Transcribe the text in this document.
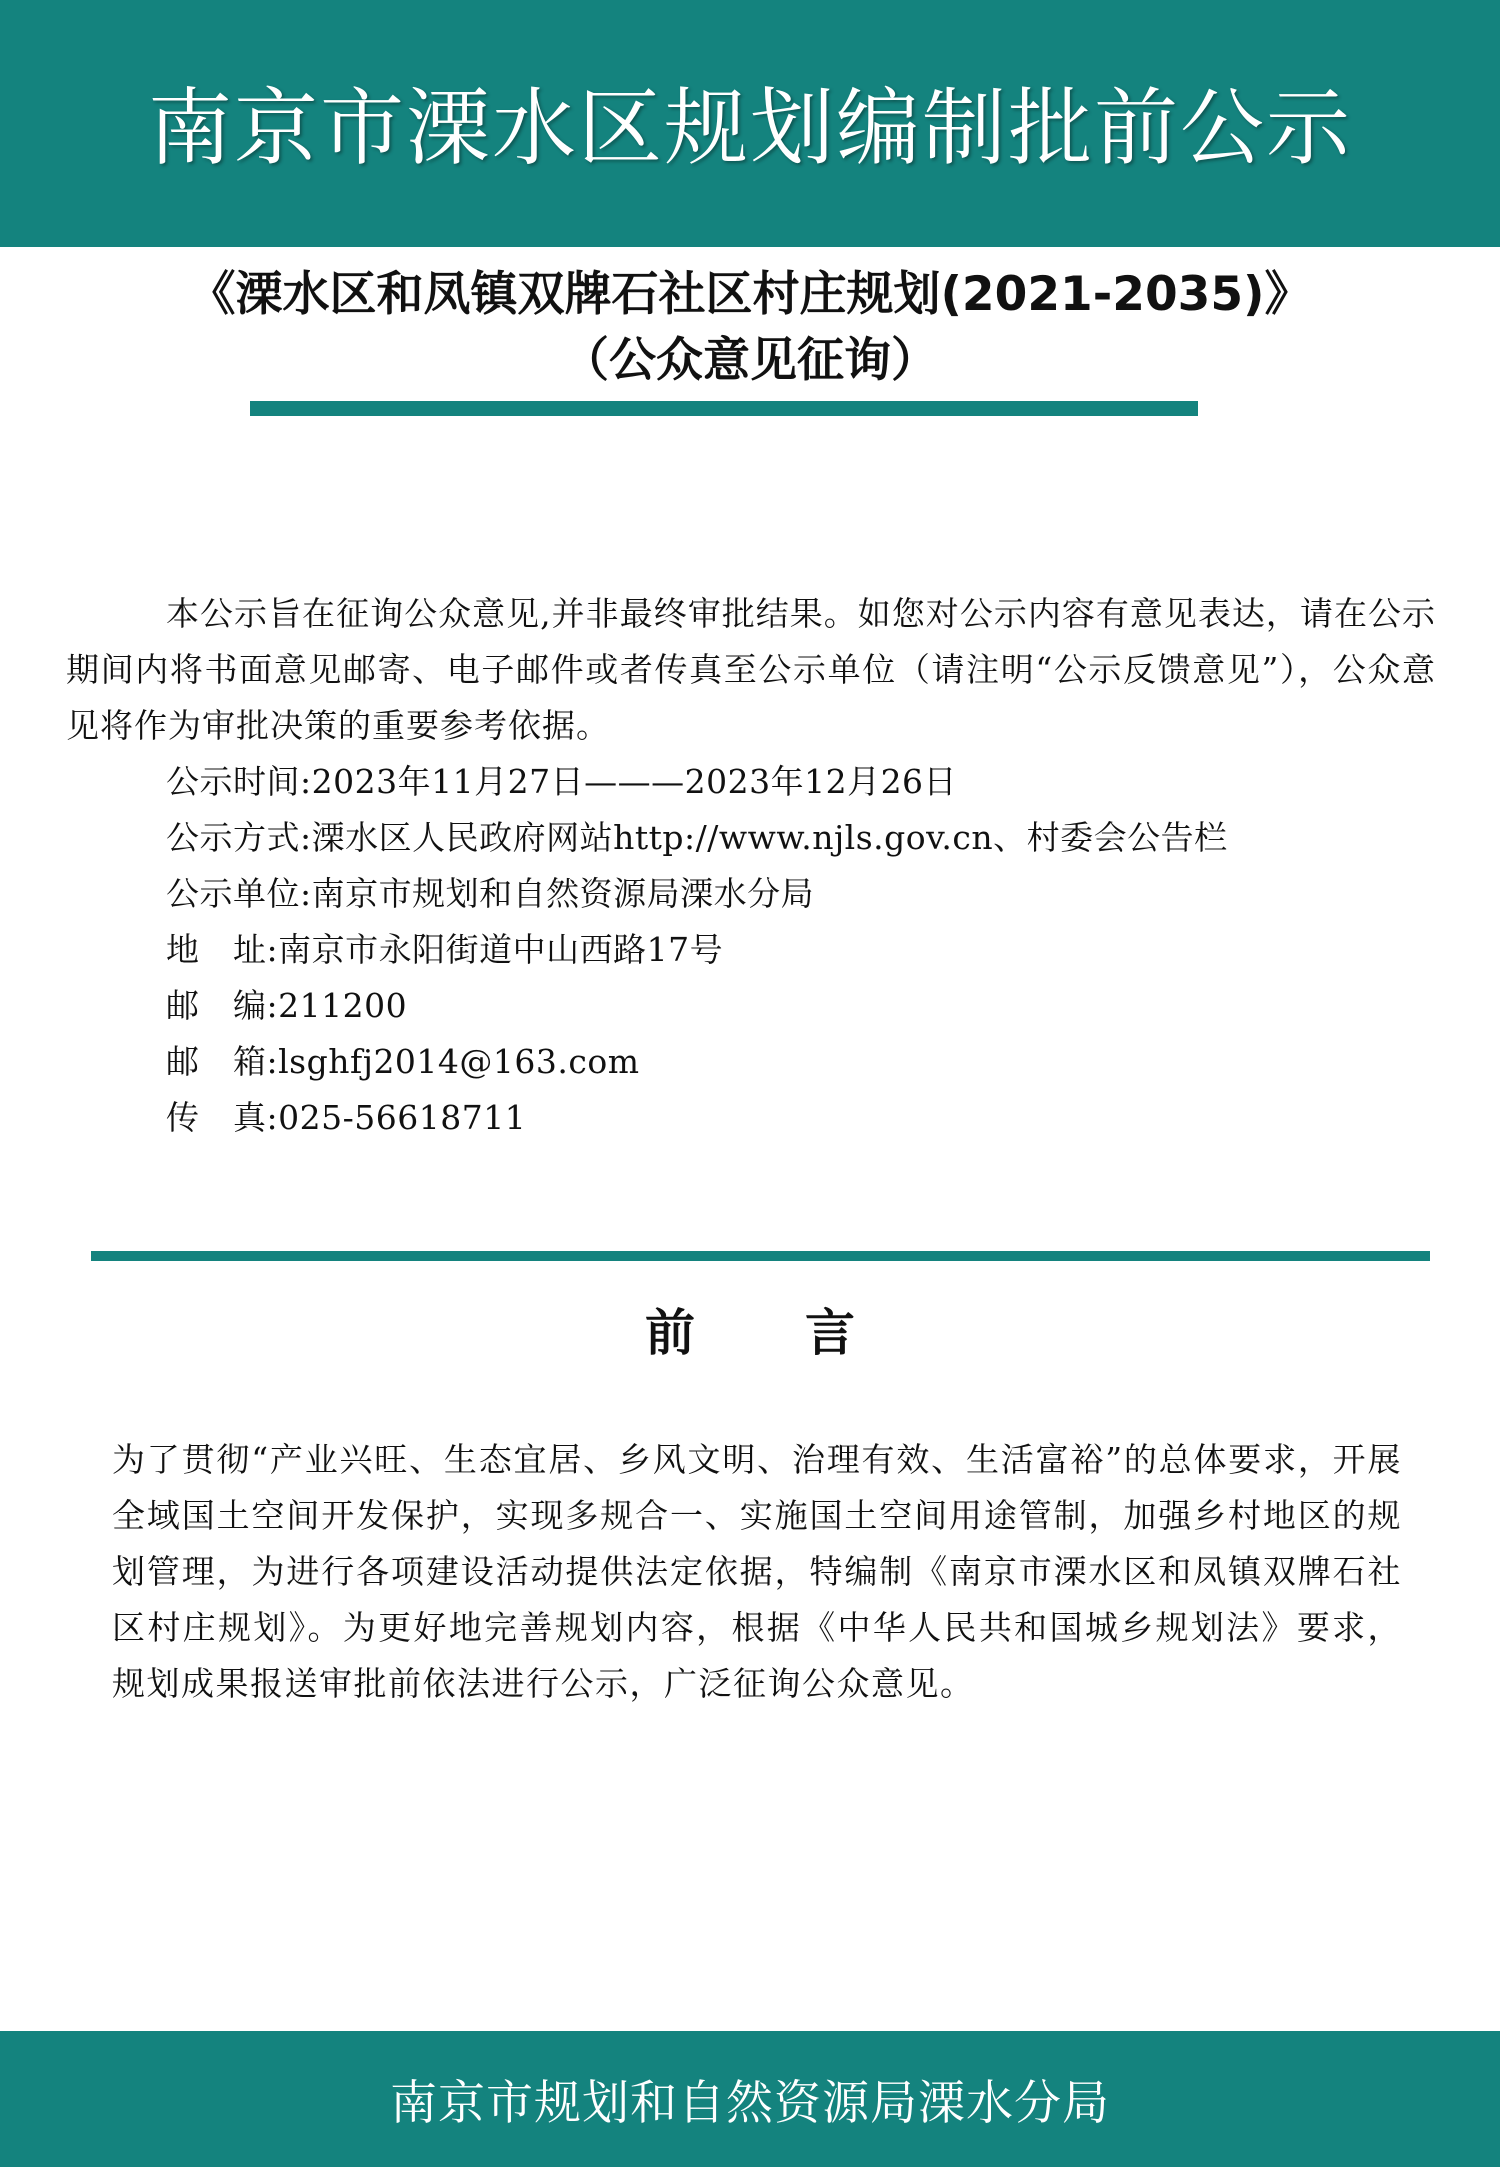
南京市溧水区规划编制批前公示
《溧水区和凤镇双牌石社区村庄规划(2021-2035)》
（公众意见征询）

本公示旨在征询公众意见,并非最终审批结果。如您对公示内容有意见表达，请在公示期间内将书面意见邮寄、电子邮件或者传真至公示单位（请注明“公示反馈意见”），公众意见将作为审批决策的重要参考依据。

公示时间:2023年11月27日———2023年12月26日
公示方式:溧水区人民政府网站http://www.njls.gov.cn、村委会公告栏
公示单位:南京市规划和自然资源局溧水分局
地　址:南京市永阳街道中山西路17号
邮　编:211200
邮　箱:lsghfj2014@163.com
传　真:025-56618711
前言

为了贯彻“产业兴旺、生态宜居、乡风文明、治理有效、生活富裕”的总体要求，开展全域国土空间开发保护，实现多规合一、实施国土空间用途管制，加强乡村地区的规划管理，为进行各项建设活动提供法定依据，特编制《南京市溧水区和凤镇双牌石社区村庄规划》。为更好地完善规划内容，根据《中华人民共和国城乡规划法》要求，规划成果报送审批前依法进行公示，广泛征询公众意见。

南京市规划和自然资源局溧水分局
